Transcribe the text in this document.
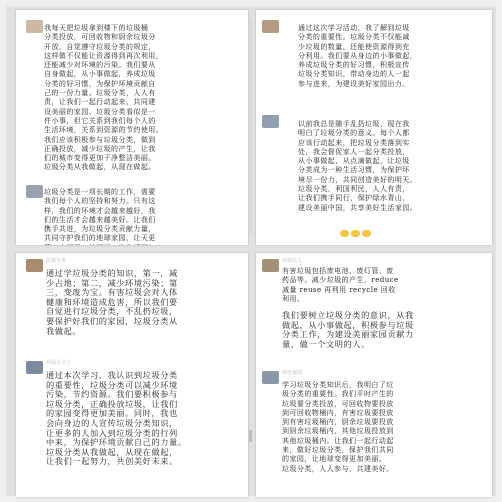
我每天把垃圾拿到楼下的垃圾桶
分类投放，可回收物和厨余垃圾分
开放，自觉遵守垃圾分类的规定，
这样做不仅能让资源得到再次利用，
还能减少对环境的污染。我们要从
自身做起，从小事做起，养成垃圾
分类的好习惯，为保护环境贡献自
己的一份力量。垃圾分类，人人有
责，让我们一起行动起来，共同建
设美丽的家园。垃圾分类看似是一
件小事，但它关系到我们每个人的
生活环境，关系到资源的节约使用。
我们应该积极参与垃圾分类，做到
正确投放，减少垃圾的产生，让我
们的城市变得更加干净整洁美丽。
垃圾分类从我做起，从现在做起。
垃圾分类是一项长期的工作，需要
我们每个人的坚持和努力。只有这
样，我们的环境才会越来越好，我
们的生活才会越来越美好。让我们
携手共进，为垃圾分类贡献力量，
共同守护我们的地球家园，让天更
通过这次学习活动，我了解到垃圾
分类的重要性。垃圾分类不仅能减
少垃圾的数量，还能使资源得到充
分利用。我们要从身边的小事做起，
养成垃圾分类的好习惯，积极宣传
垃圾分类知识，带动身边的人一起
参与进来，为建设美好家园出力。
以前我总是随手乱扔垃圾，现在我
明白了垃圾分类的意义。每个人都
应该行动起来，把垃圾分类落到实
处，我会督促家人一起分类投放，
从小事做起，从点滴做起，让垃圾
分类成为一种生活习惯，为保护环
境尽一份力，共同创造美好的明天。
垃圾分类，利国利民，人人有责，
让我们携手同行，保护绿水青山，
建设美丽中国，共享美好生活家园。
垃圾分类
通过学垃圾分类的知识，第一，减
少占地；第二，减少环境污染；第
三，变废为宝。有害垃圾会对人体
健康和环境造成危害，所以我们要
自觉进行垃圾分类，不乱扔垃圾，
要保护好我们的家园，垃圾分类从
我做起。
环保小卫士
通过本次学习，我认识到垃圾分类
的重要性，垃圾分类可以减少环境
污染，节约资源。我们要积极参与
垃圾分类，正确投放垃圾，让我们
的家园变得更加美丽。同时，我也
会向身边的人宣传垃圾分类知识，
让更多的人加入到垃圾分类的行列
中来，为保护环境贡献自己的力量。
垃圾分类从我做起，从现在做起，
让我们一起努力，共创美好未来。
环保达人
有害垃圾包括废电池、废灯管、废
药品等。减少垃圾的产生，reduce
减量 reuse 再利用 recycle 回收
利用。
我们要树立垃圾分类的意识，从我
做起，从小事做起，积极参与垃圾
分类工作，为建设美丽家园贡献力
量，做一个文明的人。
绿色家园
学习垃圾分类知识后，我明白了垃
圾分类的重要性。我们平时产生的
垃圾要分类投放，可回收物要投放
到可回收物桶内，有害垃圾要投放
到有害垃圾桶内，厨余垃圾要投放
到厨余垃圾桶内，其他垃圾投放到
其他垃圾桶内。让我们一起行动起
来，做好垃圾分类，保护我们共同
的家园，让地球变得更加美丽。
垃圾分类，人人参与，共建美好。
